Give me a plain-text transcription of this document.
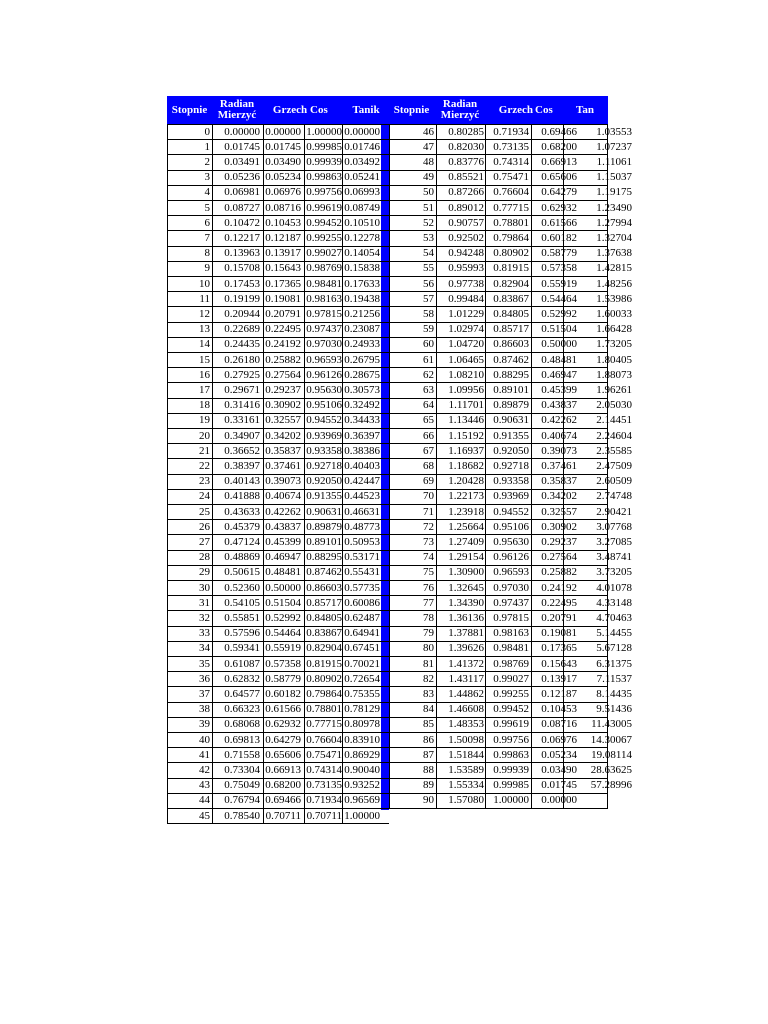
Stopnie	Radian Mierzyć	Grzech Cos	Tanik	Stopnie	Radian Mierzyć	Grzech Cos	Tan
0	0.00000 0.00000 1.00000 0.00000
1	0.01745 0.01745 0.99985 0.01746
2	0.03491 0.03490 0.99939 0.03492
3	0.05236 0.05234 0.99863 0.05241
4	0.06981 0.06976 0.99756 0.06993
5	0.08727 0.08716 0.99619 0.08749
6	0.10472 0.10453 0.99452 0.10510
7	0.12217 0.12187 0.99255 0.12278
8	0.13963 0.13917 0.99027 0.14054
9	0.15708 0.15643 0.98769 0.15838
10	0.17453 0.17365 0.98481 0.17633
11	0.19199 0.19081 0.98163 0.19438
12	0.20944 0.20791 0.97815 0.21256
13	0.22689 0.22495 0.97437 0.23087
14	0.24435 0.24192 0.97030 0.24933
15	0.26180 0.25882 0.96593 0.26795
16	0.27925 0.27564 0.96126 0.28675
17	0.29671 0.29237 0.95630 0.30573
18	0.31416 0.30902 0.95106 0.32492
19	0.33161 0.32557 0.94552 0.34433
20	0.34907 0.34202 0.93969 0.36397
21	0.36652 0.35837 0.93358 0.38386
22	0.38397 0.37461 0.92718 0.40403
23	0.40143 0.39073 0.92050 0.42447
24	0.41888 0.40674 0.91355 0.44523
25	0.43633 0.42262 0.90631 0.46631
26	0.45379 0.43837 0.89879 0.48773
27	0.47124 0.45399 0.89101 0.50953
28	0.48869 0.46947 0.88295 0.53171
29	0.50615 0.48481 0.87462 0.55431
30	0.52360 0.50000 0.86603 0.57735
31	0.54105 0.51504 0.85717 0.60086
32	0.55851 0.52992 0.84805 0.62487
33	0.57596 0.54464 0.83867 0.64941
34	0.59341 0.55919 0.82904 0.67451
35	0.61087 0.57358 0.81915 0.70021
36	0.62832 0.58779 0.80902 0.72654
37	0.64577 0.60182 0.79864 0.75355
38	0.66323 0.61566 0.78801 0.78129
39	0.68068 0.62932 0.77715 0.80978
40	0.69813 0.64279 0.76604 0.83910
41	0.71558 0.65606 0.75471 0.86929
42	0.73304 0.66913 0.74314 0.90040
43	0.75049 0.68200 0.73135 0.93252
44	0.76794 0.69466 0.71934 0.96569
45	0.78540 0.70711 0.70711 1.00000
46	0.80285 0.71934	0.69466	1.03553
47	0.82030 0.73135	0.68200	1.07237
48	0.83776 0.74314	0.66913	1.11061
49	0.85521 0.75471	0.65606	1.15037
50	0.87266 0.76604	0.64279	1.19175
51	0.89012 0.77715	0.62932	1.23490
52	0.90757 0.78801	0.61566	1.27994
53	0.92502 0.79864	0.60182	1.32704
54	0.94248 0.80902	0.58779	1.37638
55	0.95993 0.81915	0.57358	1.42815
56	0.97738 0.82904	0.55919	1.48256
57	0.99484 0.83867	0.54464	1.53986
58	1.01229 0.84805	0.52992	1.60033
59	1.02974 0.85717	0.51504	1.66428
60	1.04720 0.86603	0.50000	1.73205
61	1.06465 0.87462	0.48481	1.80405
62	1.08210 0.88295	0.46947	1.88073
63	1.09956 0.89101	0.45399	1.96261
64	1.11701 0.89879	0.43837	2.05030
65	1.13446 0.90631	0.42262	2.14451
66	1.15192 0.91355	0.40674	2.24604
67	1.16937 0.92050	0.39073	2.35585
68	1.18682 0.92718	0.37461	2.47509
69	1.20428 0.93358	0.35837	2.60509
70	1.22173 0.93969	0.34202	2.74748
71	1.23918 0.94552	0.32557	2.90421
72	1.25664 0.95106	0.30902	3.07768
73	1.27409 0.95630	0.29237	3.27085
74	1.29154 0.96126	0.27564	3.48741
75	1.30900 0.96593	0.25882	3.73205
76	1.32645 0.97030	0.24192	4.01078
77	1.34390 0.97437	0.22495	4.33148
78	1.36136 0.97815	0.20791	4.70463
79	1.37881 0.98163	0.19081	5.14455
80	1.39626 0.98481	0.17365	5.67128
81	1.41372 0.98769	0.15643	6.31375
82	1.43117 0.99027	0.13917	7.11537
83	1.44862 0.99255	0.12187	8.14435
84	1.46608 0.99452	0.10453	9.51436
85	1.48353 0.99619	0.08716	11.43005
86	1.50098 0.99756	0.06976	14.30067
87	1.51844 0.99863	0.05234	19.08114
88	1.53589 0.99939	0.03490	28.63625
89	1.55334 0.99985	0.01745	57.28996
90	1.57080 1.00000	0.00000
